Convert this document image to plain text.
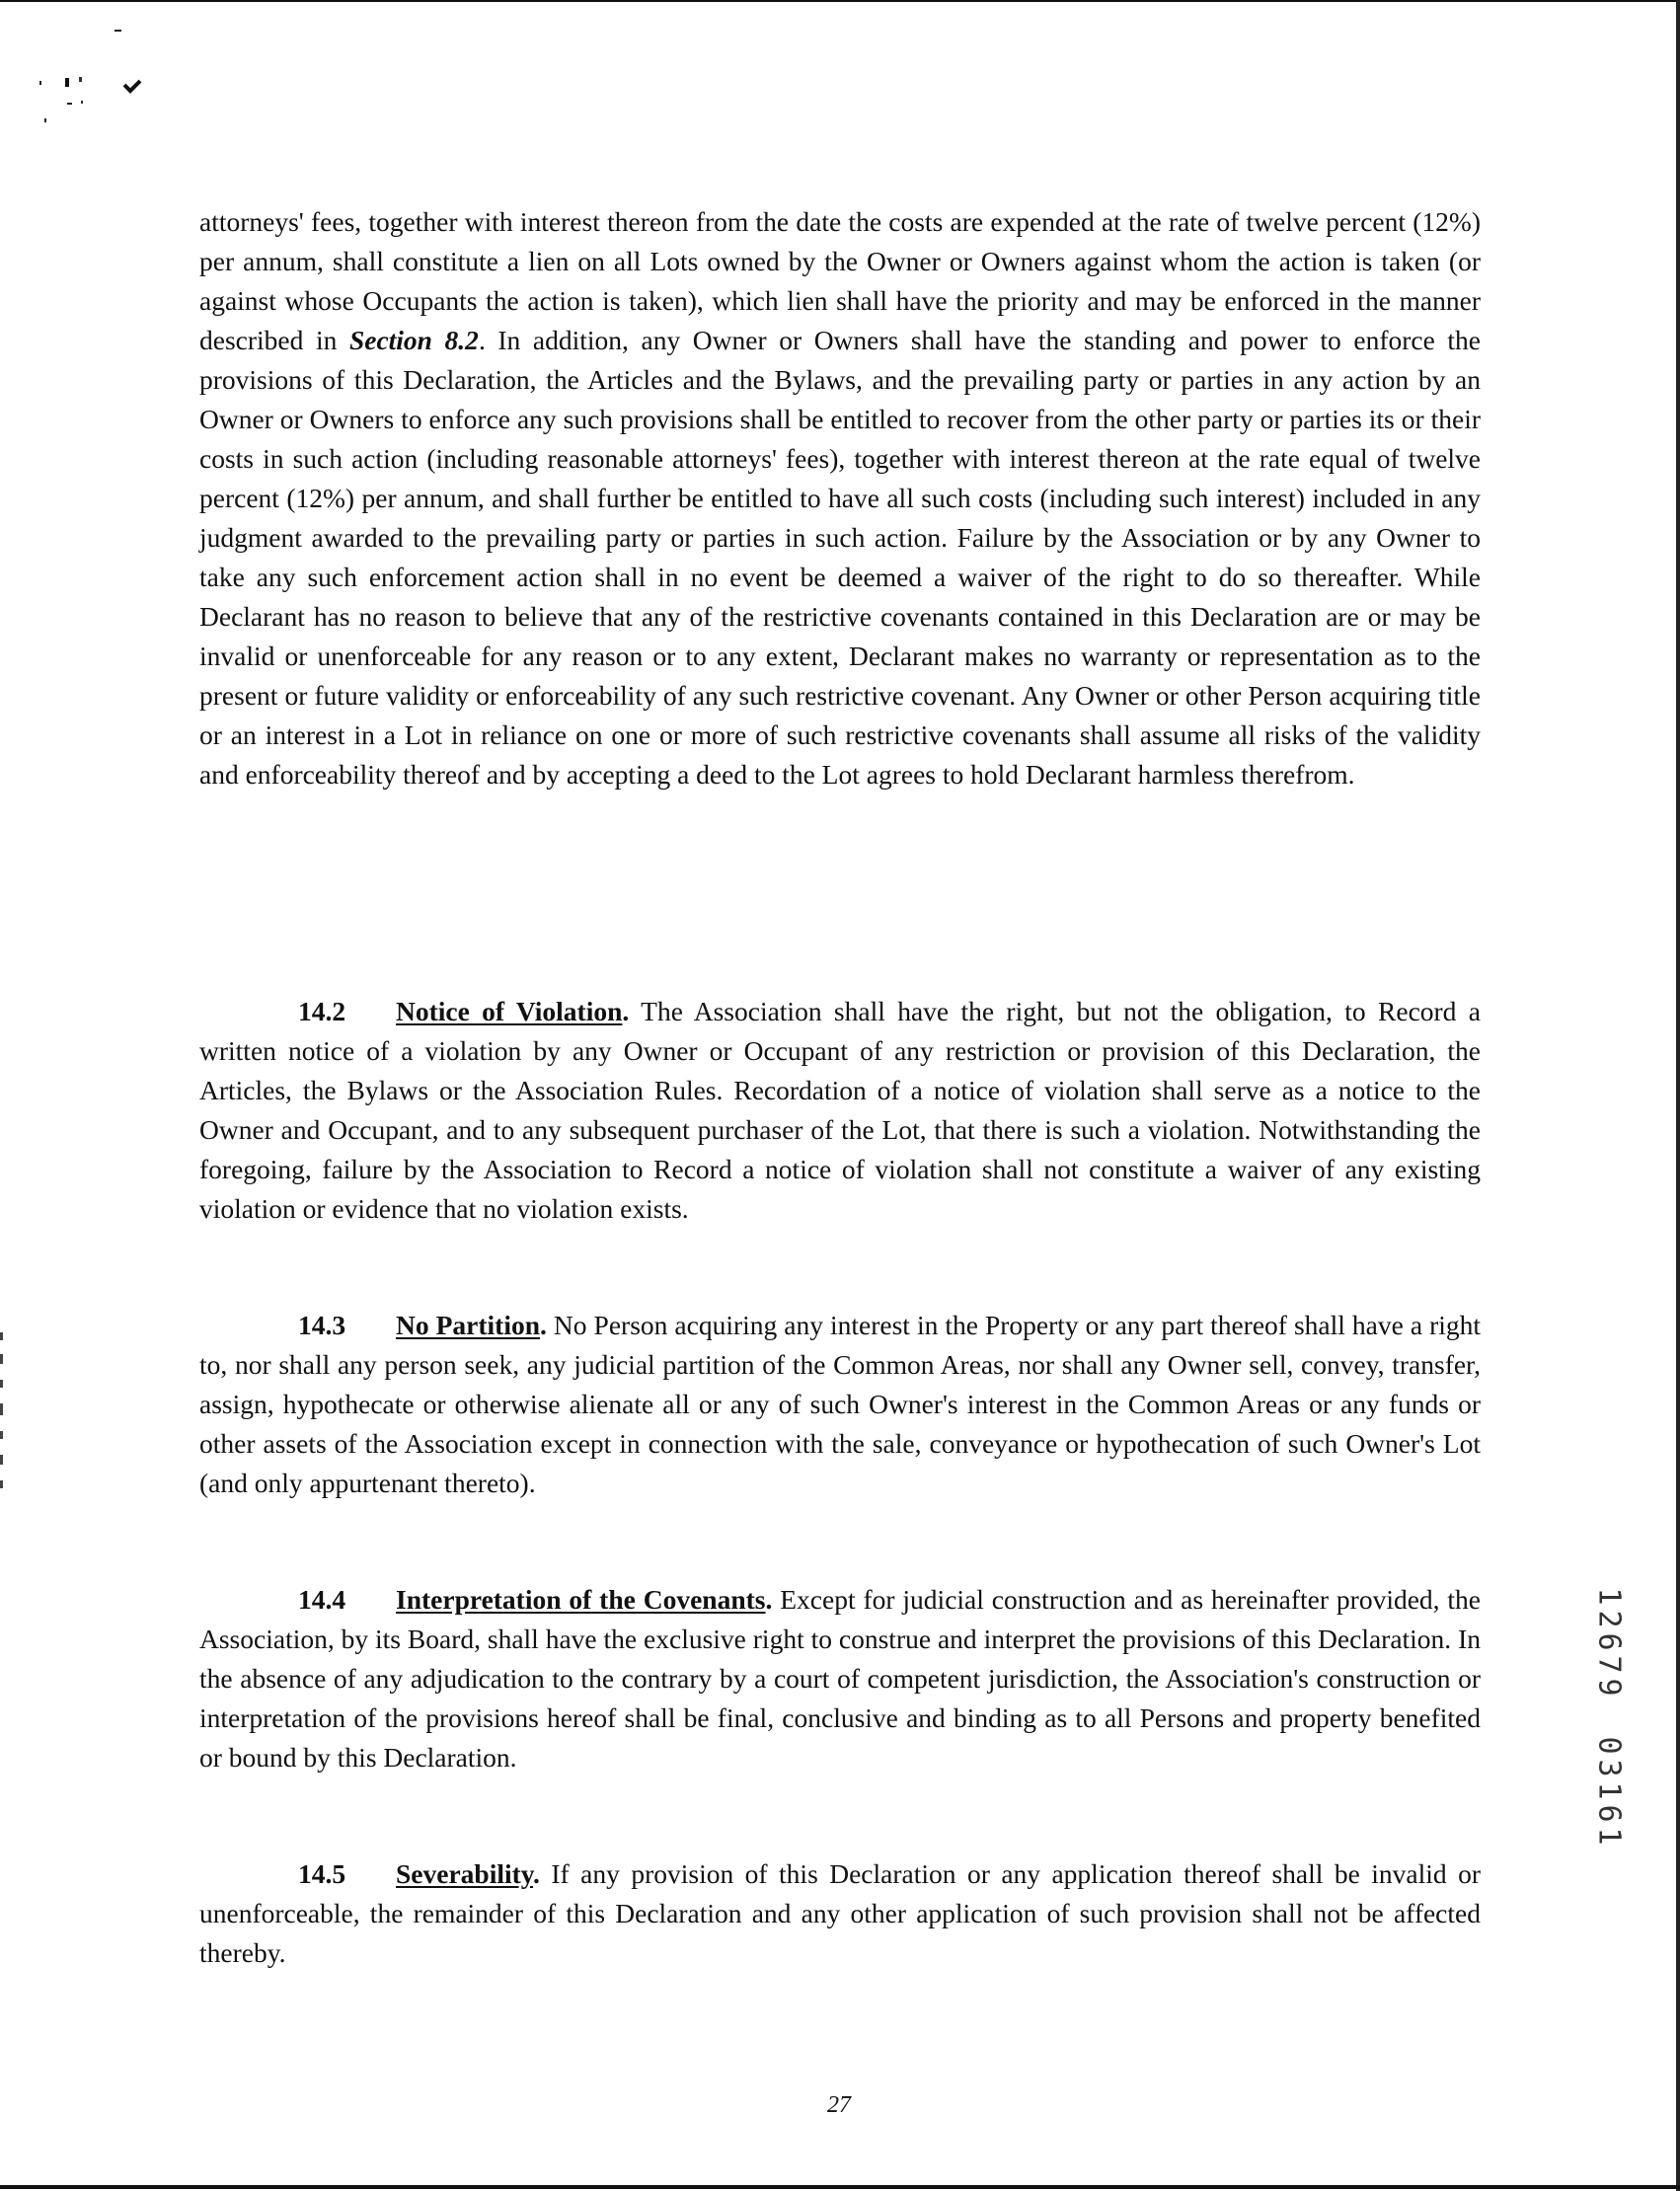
attorneys' fees, together with interest thereon from the date the costs are expended at the rate of twelve percent (12%) per annum, shall constitute a lien on all Lots owned by the Owner or Owners against whom the action is taken (or against whose Occupants the action is taken), which lien shall have the priority and may be enforced in the manner described in Section 8.2. In addition, any Owner or Owners shall have the standing and power to enforce the provisions of this Declaration, the Articles and the Bylaws, and the prevailing party or parties in any action by an Owner or Owners to enforce any such provisions shall be entitled to recover from the other party or parties its or their costs in such action (including reasonable attorneys' fees), together with interest thereon at the rate equal of twelve percent (12%) per annum, and shall further be entitled to have all such costs (including such interest) included in any judgment awarded to the prevailing party or parties in such action. Failure by the Association or by any Owner to take any such enforcement action shall in no event be deemed a waiver of the right to do so thereafter. While Declarant has no reason to believe that any of the restrictive covenants contained in this Declaration are or may be invalid or unenforceable for any reason or to any extent, Declarant makes no warranty or representation as to the present or future validity or enforceability of any such restrictive covenant. Any Owner or other Person acquiring title or an interest in a Lot in reliance on one or more of such restrictive covenants shall assume all risks of the validity and enforceability thereof and by accepting a deed to the Lot agrees to hold Declarant harmless therefrom.
14.2 Notice of Violation. The Association shall have the right, but not the obligation, to Record a written notice of a violation by any Owner or Occupant of any restriction or provision of this Declaration, the Articles, the Bylaws or the Association Rules. Recordation of a notice of violation shall serve as a notice to the Owner and Occupant, and to any subsequent purchaser of the Lot, that there is such a violation. Notwithstanding the foregoing, failure by the Association to Record a notice of violation shall not constitute a waiver of any existing violation or evidence that no violation exists.
14.3 No Partition. No Person acquiring any interest in the Property or any part thereof shall have a right to, nor shall any person seek, any judicial partition of the Common Areas, nor shall any Owner sell, convey, transfer, assign, hypothecate or otherwise alienate all or any of such Owner's interest in the Common Areas or any funds or other assets of the Association except in connection with the sale, conveyance or hypothecation of such Owner's Lot (and only appurtenant thereto).
14.4 Interpretation of the Covenants. Except for judicial construction and as hereinafter provided, the Association, by its Board, shall have the exclusive right to construe and interpret the provisions of this Declaration. In the absence of any adjudication to the contrary by a court of competent jurisdiction, the Association's construction or interpretation of the provisions hereof shall be final, conclusive and binding as to all Persons and property benefited or bound by this Declaration.
14.5 Severability. If any provision of this Declaration or any application thereof shall be invalid or unenforceable, the remainder of this Declaration and any other application of such provision shall not be affected thereby.
27
1
2
6
7
9
0
3
1
6
1
